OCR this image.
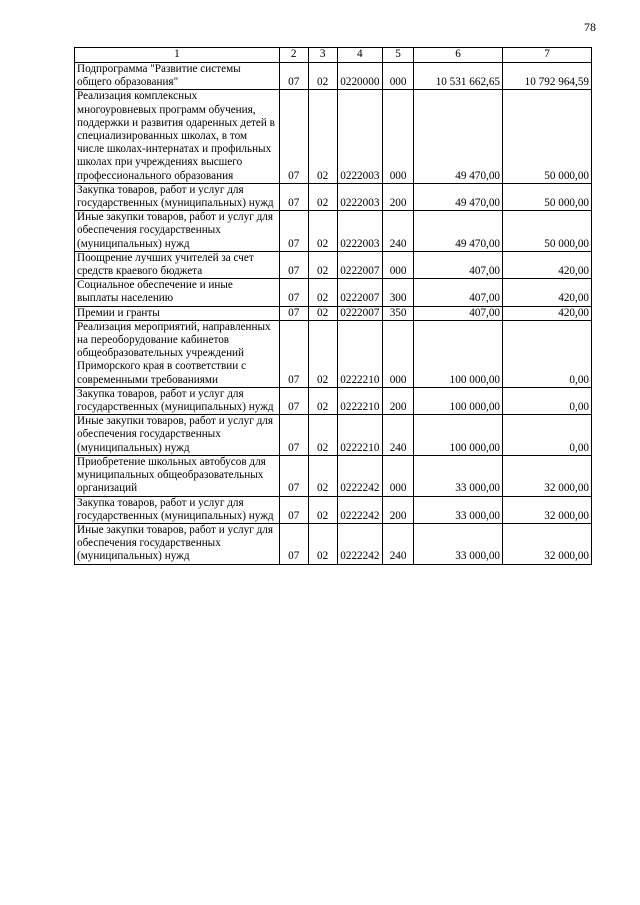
78
1	2	3	4	5	6	7
Подпрограмма "Развитие системы общего образования"	07	02	0220000	000	10 531 662,65	10 792 964,59
Реализация комплексных многоуровневых программ обучения, поддержки и развития одаренных детей в специализированных школах, в том числе школах-интернатах и профильных школах при учреждениях высшего профессионального образования	07	02	0222003	000	49 470,00	50 000,00
Закупка товаров, работ и услуг для государственных (муниципальных) нужд	07	02	0222003	200	49 470,00	50 000,00
Иные закупки товаров, работ и услуг для обеспечения государственных (муниципальных) нужд	07	02	0222003	240	49 470,00	50 000,00
Поощрение лучших учителей за счет средств краевого бюджета	07	02	0222007	000	407,00	420,00
Социальное обеспечение и иные выплаты населению	07	02	0222007	300	407,00	420,00
Премии и гранты	07	02	0222007	350	407,00	420,00
Реализация мероприятий, направленных на переоборудование кабинетов общеобразовательных учреждений Приморского края в соответствии с современными требованиями	07	02	0222210	000	100 000,00	0,00
Закупка товаров, работ и услуг для государственных (муниципальных) нужд	07	02	0222210	200	100 000,00	0,00
Иные закупки товаров, работ и услуг для обеспечения государственных (муниципальных) нужд	07	02	0222210	240	100 000,00	0,00
Приобретение школьных автобусов для муниципальных общеобразовательных организаций	07	02	0222242	000	33 000,00	32 000,00
Закупка товаров, работ и услуг для государственных (муниципальных) нужд	07	02	0222242	200	33 000,00	32 000,00
Иные закупки товаров, работ и услуг для обеспечения государственных (муниципальных) нужд	07	02	0222242	240	33 000,00	32 000,00
